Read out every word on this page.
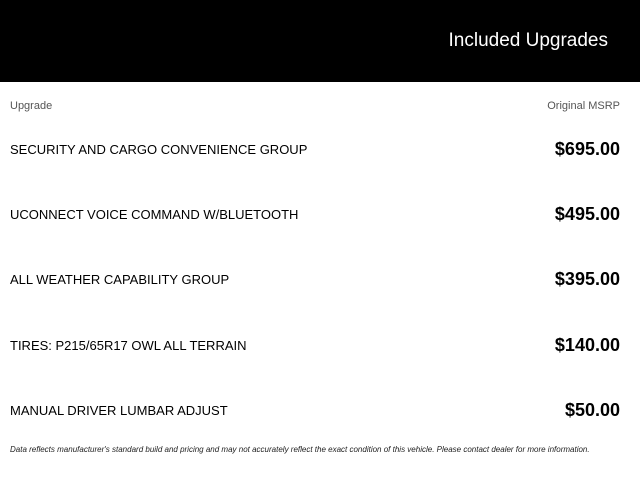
Included Upgrades
Upgrade	Original MSRP
SECURITY AND CARGO CONVENIENCE GROUP	$695.00
UCONNECT VOICE COMMAND W/BLUETOOTH	$495.00
ALL WEATHER CAPABILITY GROUP	$395.00
TIRES: P215/65R17 OWL ALL TERRAIN	$140.00
MANUAL DRIVER LUMBAR ADJUST	$50.00
Data reflects manufacturer's standard build and pricing and may not accurately reflect the exact condition of this vehicle. Please contact dealer for more information.
